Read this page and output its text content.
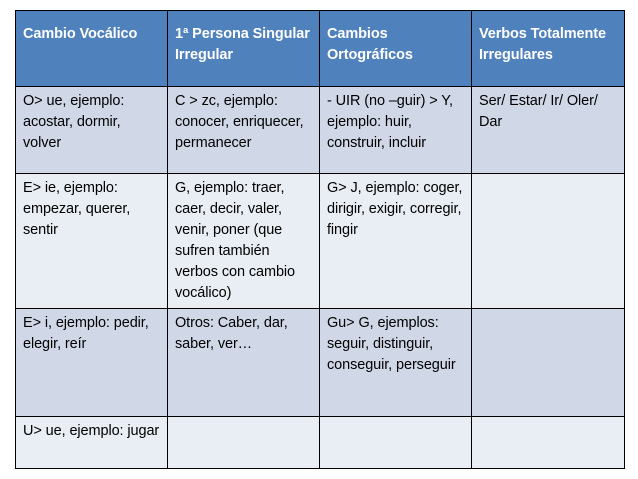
Cambio Vocálico	1ª Persona Singular Irregular	Cambios Ortográficos	Verbos Totalmente Irregulares
O> ue, ejemplo: acostar, dormir, volver	C > zc, ejemplo: conocer, enriquecer, permanecer	- UIR (no –guir) > Y, ejemplo: huir, construir, incluir	Ser/ Estar/ Ir/ Oler/ Dar
E> ie, ejemplo: empezar, querer, sentir	G, ejemplo: traer, caer, decir, valer, venir, poner (que sufren también verbos con cambio vocálico)	G> J, ejemplo: coger, dirigir, exigir, corregir, fingir	
E> i, ejemplo: pedir, elegir, reír	Otros: Caber, dar, saber, ver…	Gu> G, ejemplos: seguir, distinguir, conseguir, perseguir	
U> ue, ejemplo: jugar			
